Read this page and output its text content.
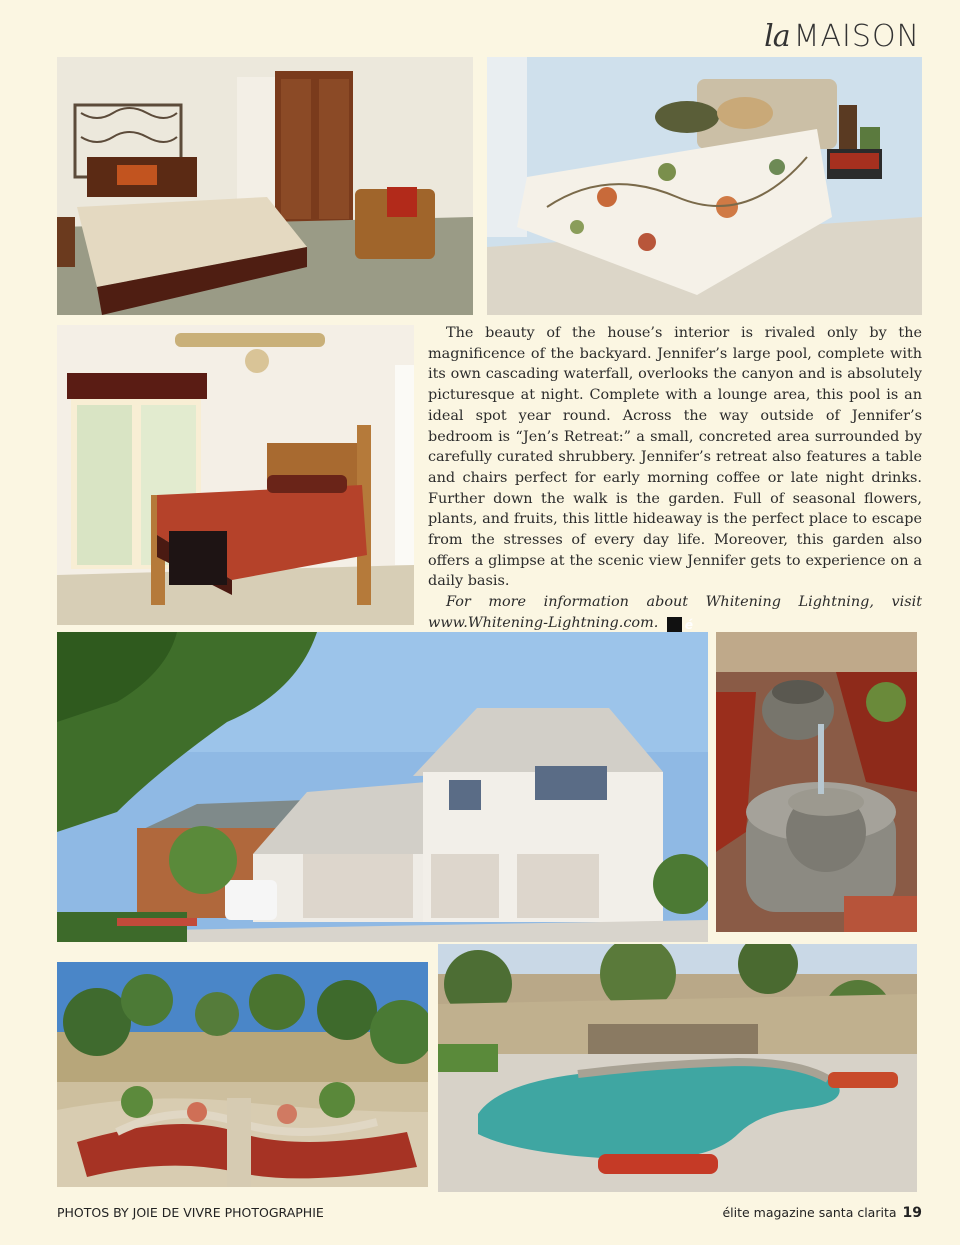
la MAISON

The beauty of the house’s interior is rivaled only by the magnificence of the backyard. Jennifer’s large pool, complete with its own cascading waterfall, overlooks the canyon and is absolutely picturesque at night. Complete with a lounge area, this pool is an ideal spot year round. Across the way outside of Jennifer’s bedroom is “Jen’s Retreat:” a small, concreted area surrounded by carefully curated shrubbery. Jennifer’s retreat also features a table and chairs perfect for early morning coffee or late night drinks. Further down the walk is the garden. Full of seasonal flowers, plants, and fruits, this little hideaway is the perfect place to escape from the stresses of every day life. Moreover, this garden also offers a glimpse at the scenic view Jennifer gets to experience on a daily basis.

For more information about Whitening Lightning, visit www.Whitening-Lightning.com. é

PHOTOS BY JOIE DE VIVRE PHOTOGRAPHIE	élite magazine santa clarita 19
